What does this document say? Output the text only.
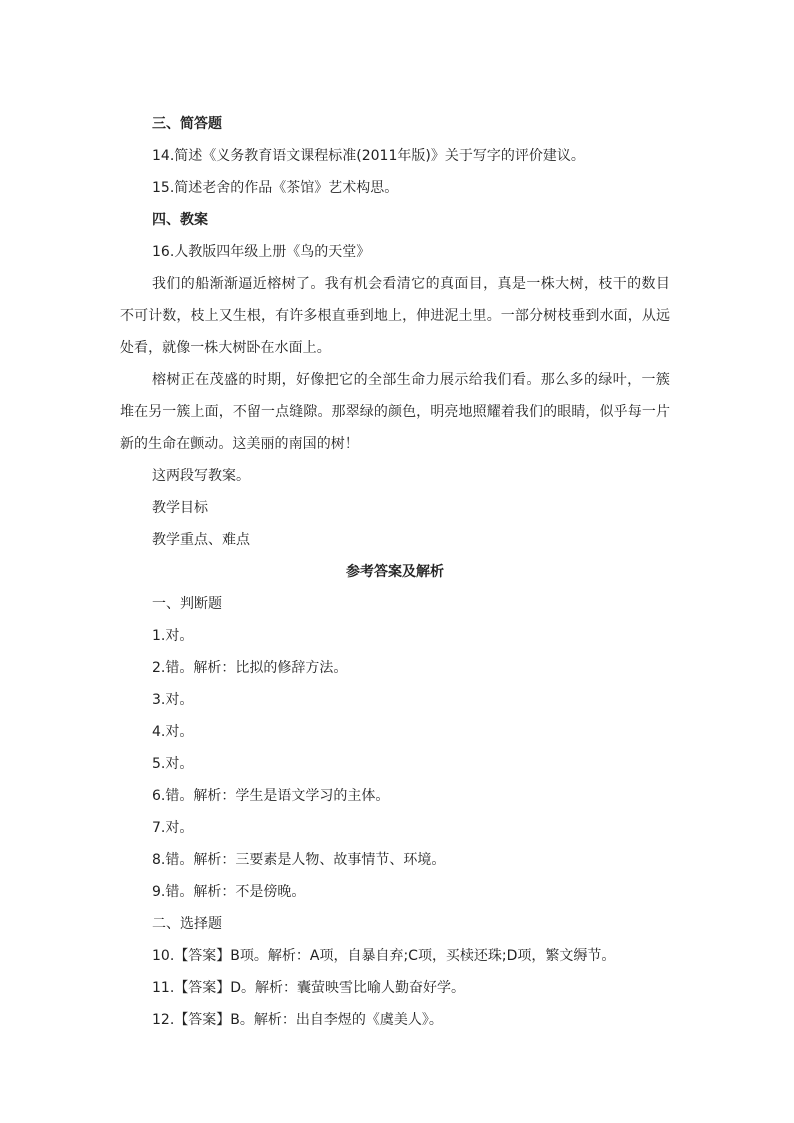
三、简答题
14.简述《义务教育语文课程标准(2011年版)》关于写字的评价建议。
15.简述老舍的作品《茶馆》艺术构思。
四、教案
16.人教版四年级上册《鸟的天堂》
我们的船渐渐逼近榕树了。我有机会看清它的真面目，真是一株大树，枝干的数目不可计数，枝上又生根，有许多根直垂到地上，伸进泥土里。一部分树枝垂到水面，从远处看，就像一株大树卧在水面上。
榕树正在茂盛的时期，好像把它的全部生命力展示给我们看。那么多的绿叶，一簇堆在另一簇上面，不留一点缝隙。那翠绿的颜色，明亮地照耀着我们的眼睛，似乎每一片新的生命在颤动。这美丽的南国的树！
这两段写教案。
教学目标
教学重点、难点
参考答案及解析
一、判断题
1.对。
2.错。解析：比拟的修辞方法。
3.对。
4.对。
5.对。
6.错。解析：学生是语文学习的主体。
7.对。
8.错。解析：三要素是人物、故事情节、环境。
9.错。解析：不是傍晚。
二、选择题
10.【答案】B项。解析：A项，自暴自弃;C项，买椟还珠;D项，繁文缛节。
11.【答案】D。解析：囊萤映雪比喻人勤奋好学。
12.【答案】B。解析：出自李煜的《虞美人》。
